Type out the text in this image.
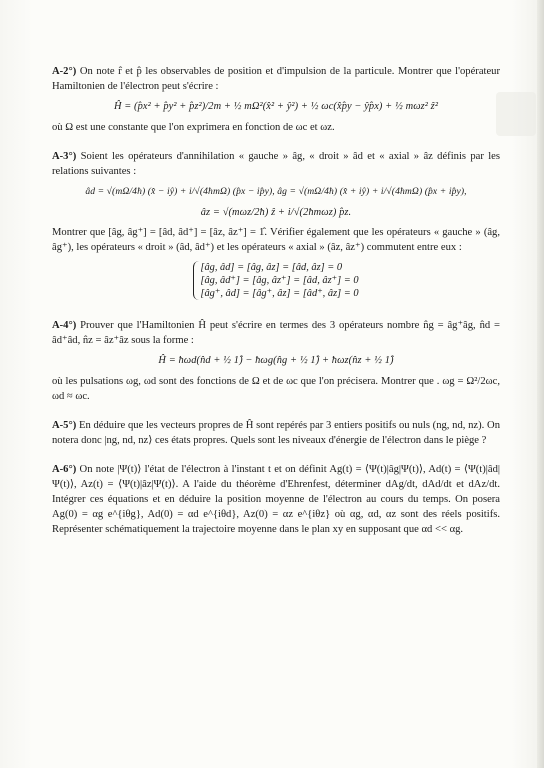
A-2°) On note r̂ et p̂ les observables de position et d'impulsion de la particule. Montrer que l'opérateur Hamiltonien de l'électron peut s'écrire :

Ĥ = (p̂x² + p̂y² + p̂z²)/2m + ½ mΩ²(x̂² + ŷ²) + ½ ωc(x̂p̂y − ŷp̂x) + ½ mωz² ẑ²

où Ω est une constante que l'on exprimera en fonction de ωc et ωz.

A-3°) Soient les opérateurs d'annihilation « gauche » âg, « droit » âd et « axial » âz définis par les relations suivantes :

âd = √(mΩ/4ħ) (x̂ − iŷ) + i/√(4ħmΩ) (p̂x − ip̂y), âg = √(mΩ/4ħ) (x̂ + iŷ) + i/√(4ħmΩ) (p̂x + ip̂y),
âz = √(mωz/2ħ) ẑ + i/√(2ħmωz) p̂z.

Montrer que [âg, âg⁺] = [âd, âd⁺] = [âz, âz⁺] = 1̂. Vérifier également que les opérateurs « gauche » (âg, âg⁺), les opérateurs « droit » (âd, âd⁺) et les opérateurs « axial » (âz, âz⁺) commutent entre eux :

[âg, âd] = [âg, âz] = [âd, âz] = 0
[âg, âd⁺] = [âg, âz⁺] = [âd, âz⁺] = 0
[âg⁺, âd] = [âg⁺, âz] = [âd⁺, âz] = 0

A-4°) Prouver que l'Hamiltonien Ĥ peut s'écrire en termes des 3 opérateurs nombre n̂g = âg⁺âg, n̂d = âd⁺âd, n̂z = âz⁺âz sous la forme :

Ĥ = ħωd(n̂d + ½ 1̂) − ħωg(n̂g + ½ 1̂) + ħωz(n̂z + ½ 1̂)

où les pulsations ωg, ωd sont des fonctions de Ω et de ωc que l'on précisera. Montrer que . ωg = Ω²/2ωc, ωd ≈ ωc.

A-5°) En déduire que les vecteurs propres de Ĥ sont repérés par 3 entiers positifs ou nuls (ng, nd, nz). On notera donc |ng, nd, nz⟩ ces états propres. Quels sont les niveaux d'énergie de l'électron dans le piège ?

A-6°) On note |Ψ(t)⟩ l'état de l'électron à l'instant t et on définit Ag(t) = ⟨Ψ(t)|âg|Ψ(t)⟩, Ad(t) = ⟨Ψ(t)|âd|Ψ(t)⟩, Az(t) = ⟨Ψ(t)|âz|Ψ(t)⟩. A l'aide du théorème d'Ehrenfest, déterminer dAg/dt, dAd/dt et dAz/dt. Intégrer ces équations et en déduire la position moyenne de l'électron au cours du temps. On posera Ag(0) = αg e^{iθg}, Ad(0) = αd e^{iθd}, Az(0) = αz e^{iθz} où αg, αd, αz sont des réels positifs. Représenter schématiquement la trajectoire moyenne dans le plan xy en supposant que αd << αg.
